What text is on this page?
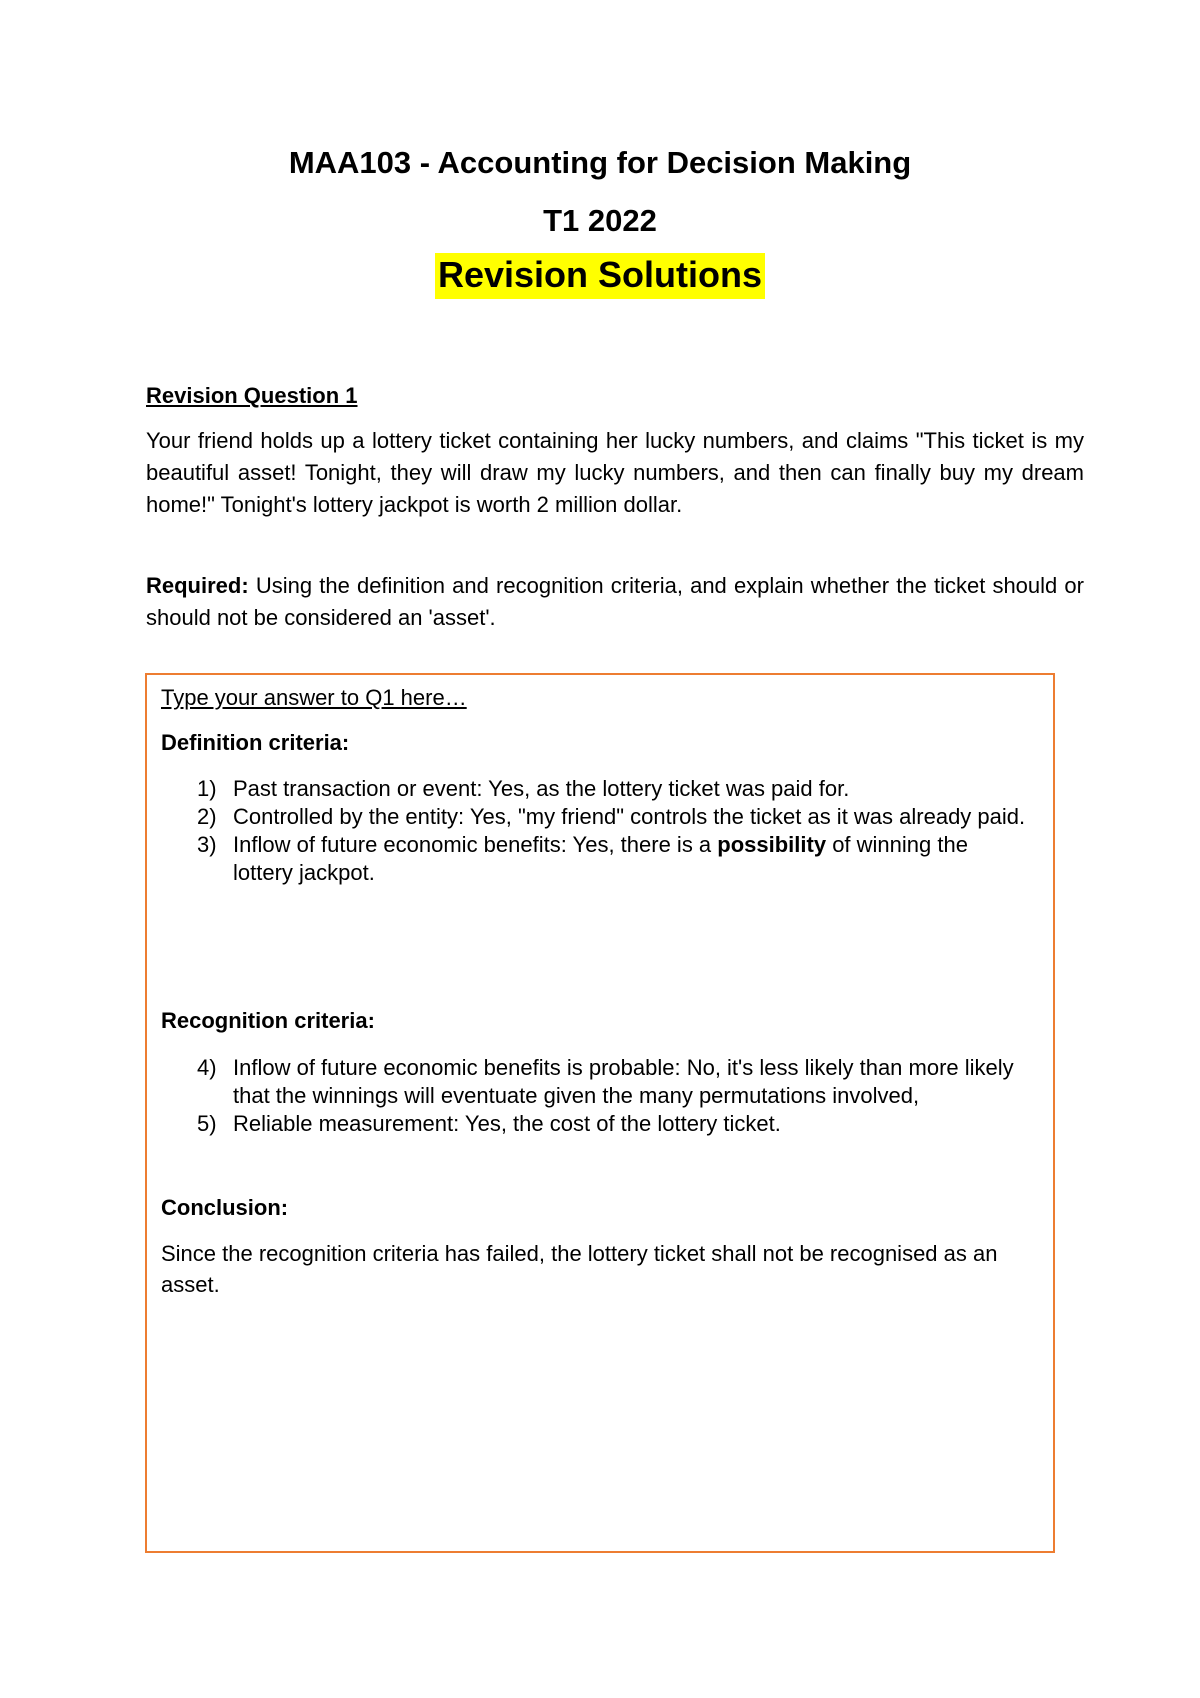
MAA103 - Accounting for Decision Making
T1 2022
Revision Solutions
Revision Question 1
Your friend holds up a lottery ticket containing her lucky numbers, and claims "This ticket is my beautiful asset! Tonight, they will draw my lucky numbers, and then can finally buy my dream home!" Tonight's lottery jackpot is worth 2 million dollar.
Required: Using the definition and recognition criteria, and explain whether the ticket should or should not be considered an 'asset'.
Type your answer to Q1 here…
Definition criteria:
1) Past transaction or event: Yes, as the lottery ticket was paid for.
2) Controlled by the entity: Yes, "my friend" controls the ticket as it was already paid.
3) Inflow of future economic benefits: Yes, there is a possibility of winning the lottery jackpot.
Recognition criteria:
4) Inflow of future economic benefits is probable: No, it's less likely than more likely that the winnings will eventuate given the many permutations involved,
5) Reliable measurement: Yes, the cost of the lottery ticket.
Conclusion:
Since the recognition criteria has failed, the lottery ticket shall not be recognised as an asset.
